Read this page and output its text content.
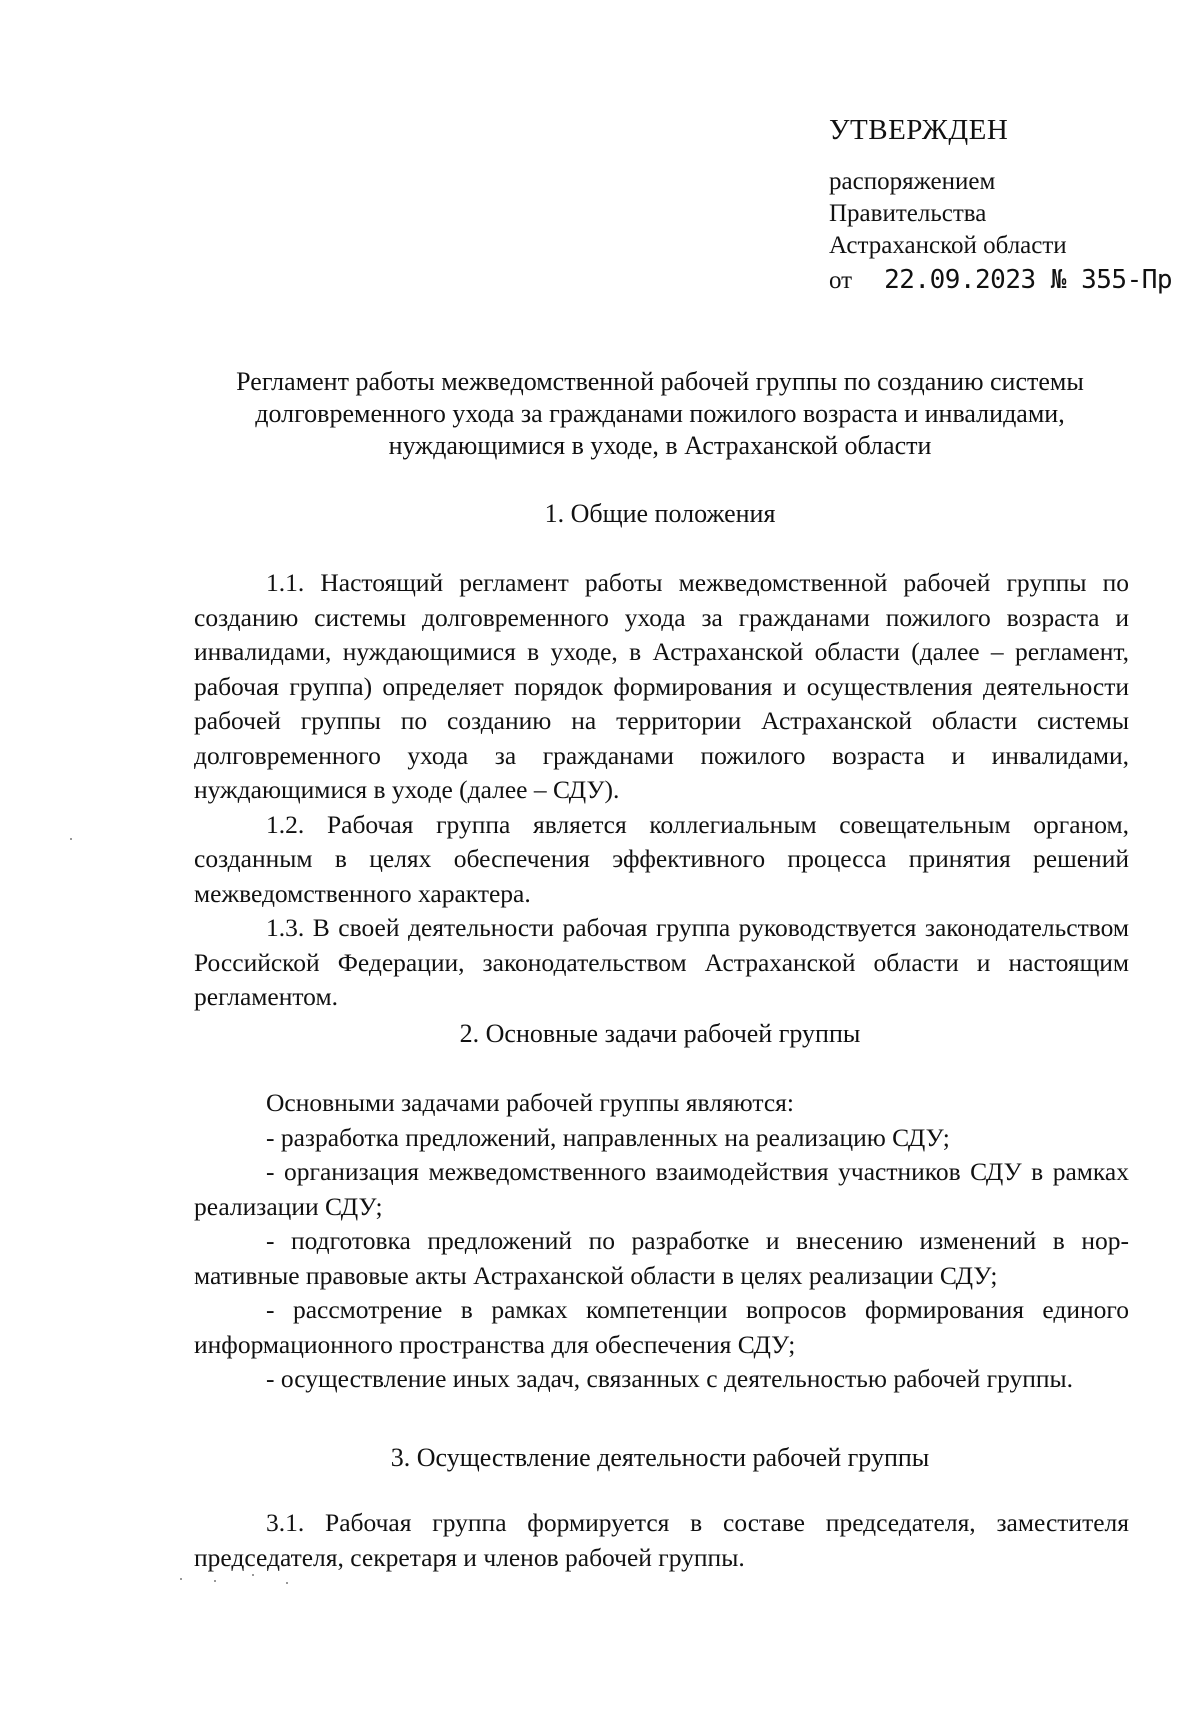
УТВЕРЖДЕН
распоряжением
Правительства
Астраханской области
от 22.09.2023 № 355-Пр
Регламент работы межведомственной рабочей группы по созданию системы
долговременного ухода за гражданами пожилого возраста и инвалидами,
нуждающимися в уходе, в Астраханской области
1. Общие положения

1.1. Настоящий регламент работы межведомственной рабочей группы по созданию системы долговременного ухода за гражданами пожилого возраста и инвалидами, нуждающимися в уходе, в Астраханской области (далее – регламент, рабочая группа) определяет порядок формирования и осуществления деятельности рабочей группы по созданию на территории Астраханской области системы долговременного ухода за гражданами пожилого возраста и инвалидами, нуждающимися в уходе (далее – СДУ).

1.2. Рабочая группа является коллегиальным совещательным органом, созданным в целях обеспечения эффективного процесса принятия решений межведомственного характера.

1.3. В своей деятельности рабочая группа руководствуется законодательством Российской Федерации, законодательством Астраханской области и настоящим регламентом.

2. Основные задачи рабочей группы

Основными задачами рабочей группы являются:

- разработка предложений, направленных на реализацию СДУ;

- организация межведомственного взаимодействия участников СДУ в рамках реализации СДУ;

- подготовка предложений по разработке и внесению изменений в нормативные правовые акты Астраханской области в целях реализации СДУ;

- рассмотрение в рамках компетенции вопросов формирования единого информационного пространства для обеспечения СДУ;

- осуществление иных задач, связанных с деятельностью рабочей группы.

3. Осуществление деятельности рабочей группы

3.1. Рабочая группа формируется в составе председателя, заместителя председателя, секретаря и членов рабочей группы.
